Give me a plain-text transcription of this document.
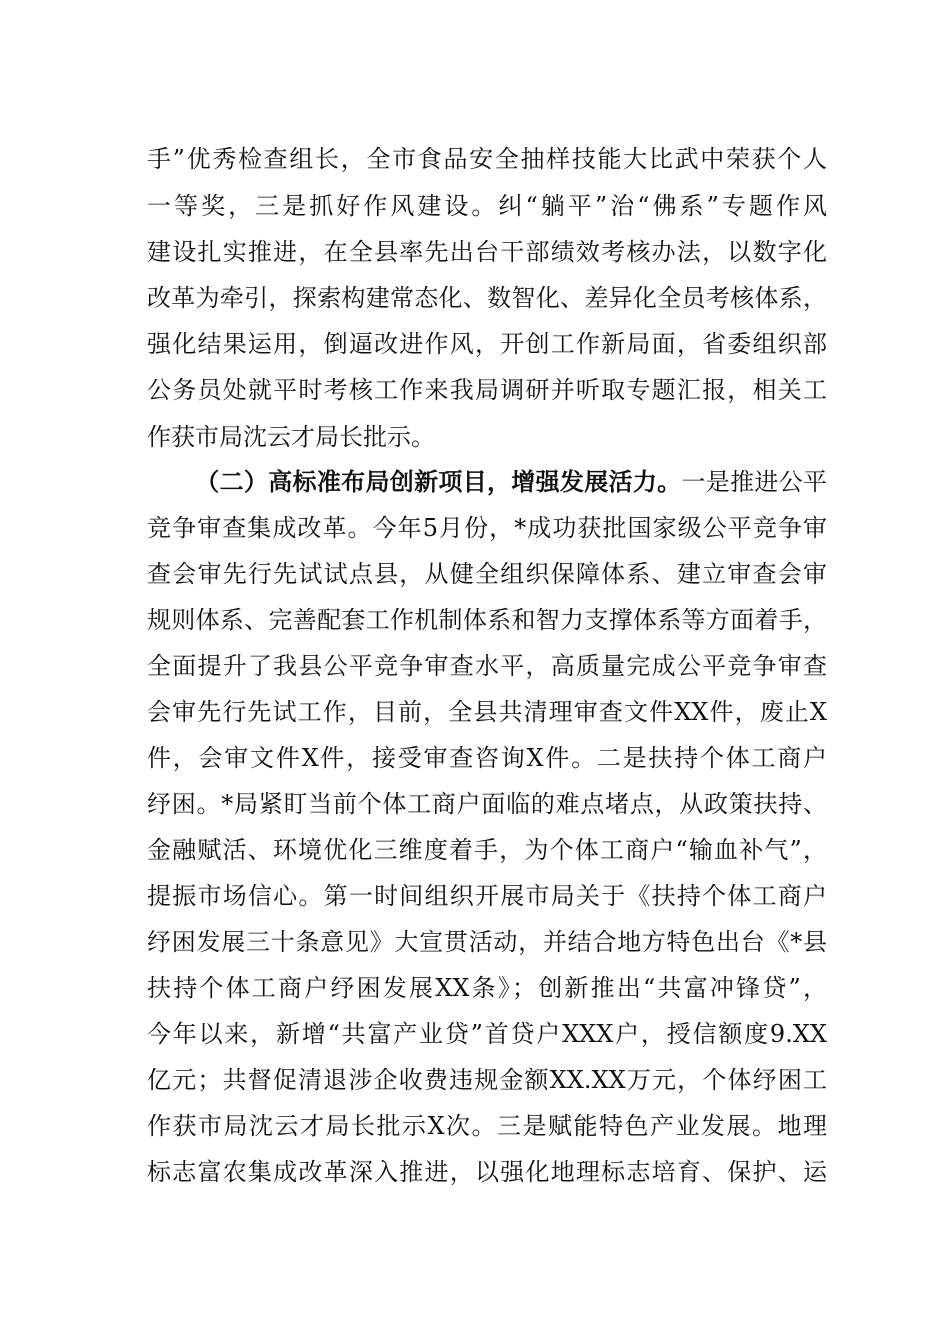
手”优秀检查组长，全市食品安全抽样技能大比武中荣获个人
一等奖，三是抓好作风建设。纠“躺平”治“佛系”专题作风
建设扎实推进，在全县率先出台干部绩效考核办法，以数字化
改革为牵引，探索构建常态化、数智化、差异化全员考核体系，
强化结果运用，倒逼改进作风，开创工作新局面，省委组织部
公务员处就平时考核工作来我局调研并听取专题汇报，相关工
作获市局沈云才局长批示。
（二）高标准布局创新项目，增强发展活力。一是推进公平
竞争审查集成改革。今年5月份，*成功获批国家级公平竞争审
查会审先行先试试点县，从健全组织保障体系、建立审查会审
规则体系、完善配套工作机制体系和智力支撑体系等方面着手，
全面提升了我县公平竞争审查水平，高质量完成公平竞争审查
会审先行先试工作，目前，全县共清理审查文件XX件，废止X
件，会审文件X件，接受审查咨询X件。二是扶持个体工商户
纾困。*局紧盯当前个体工商户面临的难点堵点，从政策扶持、
金融赋活、环境优化三维度着手，为个体工商户“输血补气”，
提振市场信心。第一时间组织开展市局关于《扶持个体工商户
纾困发展三十条意见》大宣贯活动，并结合地方特色出台《*县
扶持个体工商户纾困发展XX条》；创新推出“共富冲锋贷”，
今年以来，新增“共富产业贷”首贷户XXX户，授信额度9.XX
亿元；共督促清退涉企收费违规金额XX.XX万元，个体纾困工
作获市局沈云才局长批示X次。三是赋能特色产业发展。地理
标志富农集成改革深入推进，以强化地理标志培育、保护、运
